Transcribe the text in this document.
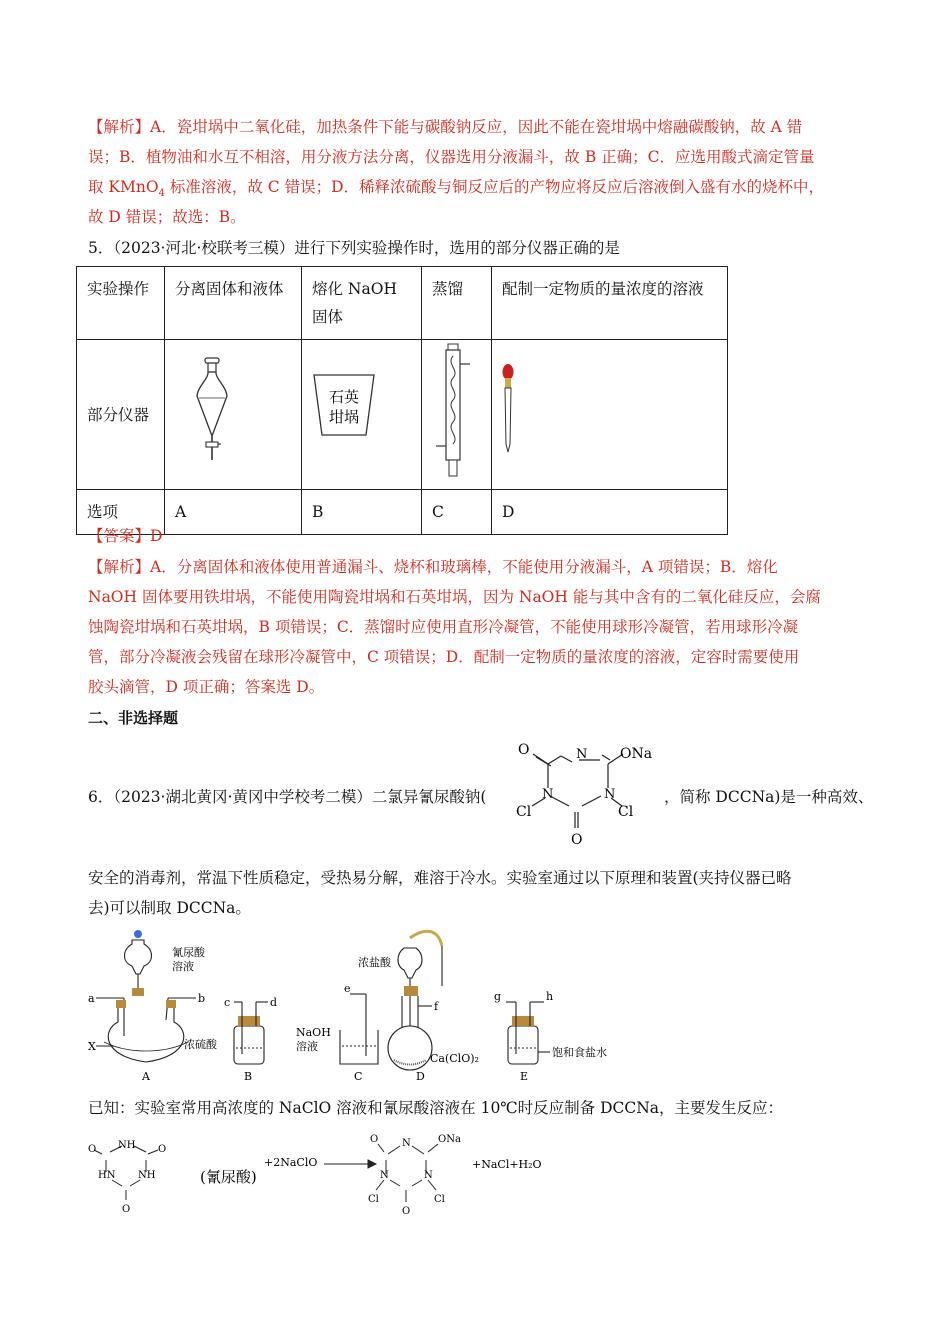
【解析】A．瓷坩埚中二氧化硅，加热条件下能与碳酸钠反应，因此不能在瓷坩埚中熔融碳酸钠，故 A 错
误；B．植物油和水互不相溶，用分液方法分离，仪器选用分液漏斗，故 B 正确；C．应选用酸式滴定管量
取 KMnO$_4$ 标准溶液，故 C 错误；D．稀释浓硫酸与铜反应后的产物应将反应后溶液倒入盛有水的烧杯中，
故 D 错误；故选：B。
5．（2023·河北·校联考三模）进行下列实验操作时，选用的部分仪器正确的是
实验操作	分离固体和液体	熔化 NaOH 固体	蒸馏	配制一定物质的量浓度的溶液
部分仪器		石英
坩埚

选项	A	B	C	D
【答案】D
【解析】A．分离固体和液体使用普通漏斗、烧杯和玻璃棒，不能使用分液漏斗，A 项错误；B．熔化
NaOH 固体要用铁坩埚，不能使用陶瓷坩埚和石英坩埚，因为 NaOH 能与其中含有的二氧化硅反应，会腐
蚀陶瓷坩埚和石英坩埚，B 项错误；C．蒸馏时应使用直形冷凝管，不能使用球形冷凝管，若用球形冷凝
管，部分冷凝液会残留在球形冷凝管中，C 项错误；D．配制一定物质的量浓度的溶液，定容时需要使用
胶头滴管，D 项正确；答案选 D。
二、非选择题
6．（2023·湖北黄冈·黄冈中学校考二模）二氯异氰尿酸钠(
O	N ONa
N	N
Cl	Cl
O
，简称 DCCNa)是一种高效、
安全的消毒剂，常温下性质稳定，受热易分解，难溶于冷水。实验室通过以下原理和装置(夹持仪器已略
去)可以制取 DCCNa。
氰尿酸
溶液
a	b c	d
e
f
g	h
X	浓硫酸
NaOH
溶液
浓盐酸
Ca(ClO)₂	饱和食盐水
A	B	C	D	E
已知：实验室常用高浓度的 NaClO 溶液和氰尿酸溶液在 10℃时反应制备 DCCNa，主要发生反应：
O NH O
HN NH
O
O N	ONa
N	N
Cl	Cl
O
(氰尿酸)
+2NaClO	+NaCl+H₂O
